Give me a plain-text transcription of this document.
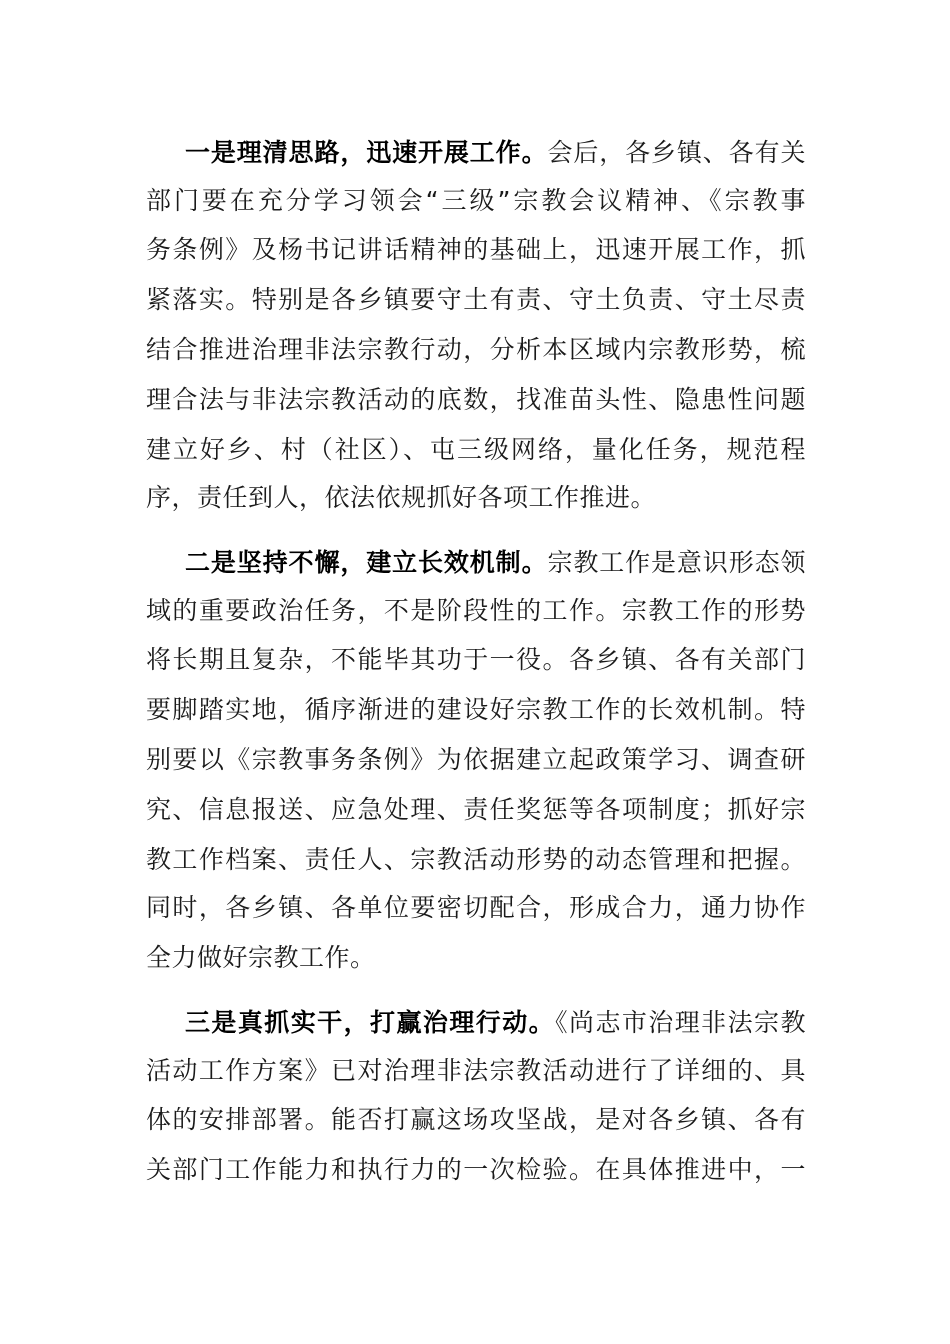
一是理清思路，迅速开展工作。会后，各乡镇、各有关
部门要在充分学习领会“三级”宗教会议精神、《宗教事
务条例》及杨书记讲话精神的基础上，迅速开展工作，抓
紧落实。特别是各乡镇要守土有责、守土负责、守土尽责
结合推进治理非法宗教行动，分析本区域内宗教形势，梳
理合法与非法宗教活动的底数，找准苗头性、隐患性问题
建立好乡、村（社区）、屯三级网络，量化任务，规范程
序，责任到人，依法依规抓好各项工作推进。
二是坚持不懈，建立长效机制。宗教工作是意识形态领
域的重要政治任务，不是阶段性的工作。宗教工作的形势
将长期且复杂，不能毕其功于一役。各乡镇、各有关部门
要脚踏实地，循序渐进的建设好宗教工作的长效机制。特
别要以《宗教事务条例》为依据建立起政策学习、调查研
究、信息报送、应急处理、责任奖惩等各项制度；抓好宗
教工作档案、责任人、宗教活动形势的动态管理和把握。
同时，各乡镇、各单位要密切配合，形成合力，通力协作
全力做好宗教工作。
三是真抓实干，打赢治理行动。《尚志市治理非法宗教
活动工作方案》已对治理非法宗教活动进行了详细的、具
体的安排部署。能否打赢这场攻坚战，是对各乡镇、各有
关部门工作能力和执行力的一次检验。在具体推进中，一
